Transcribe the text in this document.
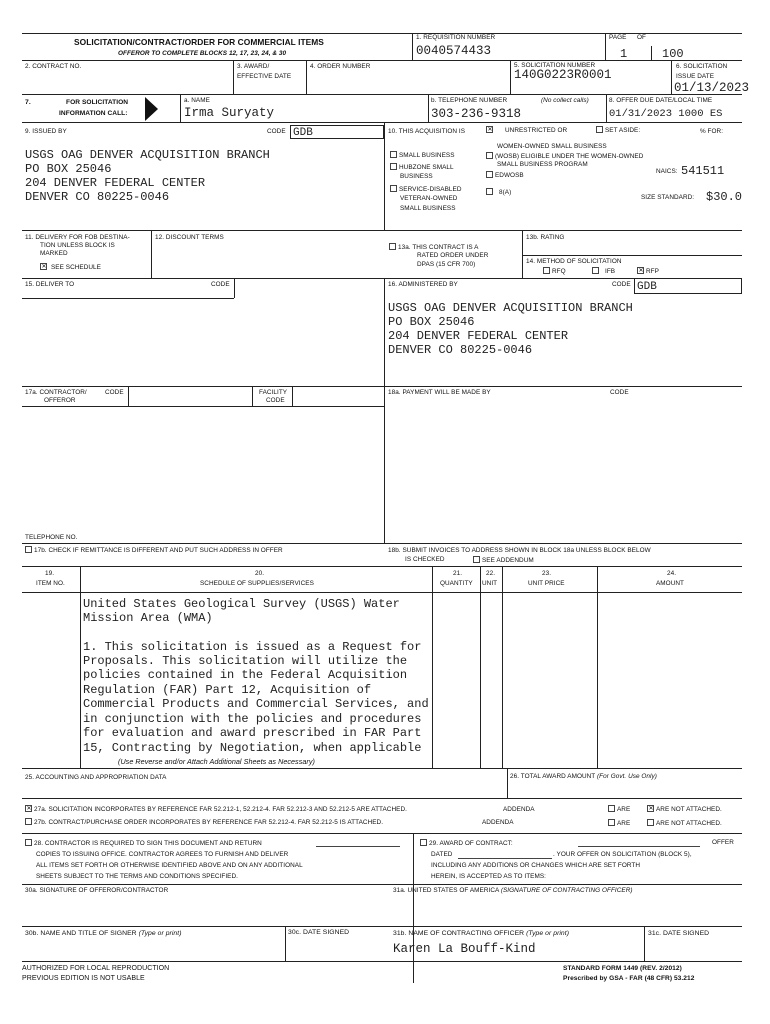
SOLICITATION/CONTRACT/ORDER FOR COMMERCIAL ITEMS
OFFEROR TO COMPLETE BLOCKS 12, 17, 23, 24, & 30
1. REQUISITION NUMBER
0040574433
PAGE OF
1	100
2. CONTRACT NO.	3. AWARD/
EFFECTIVE DATE
4. ORDER NUMBER	5. SOLICITATION NUMBER
140G0223R0001
6. SOLICITATION
ISSUE DATE
01/13/2023
7.	FOR SOLICITATION
INFORMATION CALL:
a. NAME
Irma Suryaty
b. TELEPHONE NUMBER	(No collect calls)
303-236-9318
8. OFFER DUE DATE/LOCAL TIME
01/31/2023 1000 ES
9. ISSUED BY	CODE GDB
USGS OAG DENVER ACQUISITION BRANCH
PO BOX 25046
204 DENVER FEDERAL CENTER
DENVER CO 80225-0046
10. THIS ACQUISITION IS ✕	UNRESTRICTED OR	SET ASIDE:	% FOR:
SMALL BUSINESS
WOMEN-OWNED SMALL BUSINESS
(WOSB) ELIGIBLE UNDER THE WOMEN-OWNED
SMALL BUSINESS PROGRAM
EDWOSB
HUBZONE SMALL
BUSINESS
SERVICE-DISABLED
VETERAN-OWNED
SMALL BUSINESS
8(A)
NAICS: 541511
SIZE STANDARD: $30.0
11. DELIVERY FOR FOB DESTINA-
TION UNLESS BLOCK IS
MARKED
✕SEE SCHEDULE
12. DISCOUNT TERMS
13a. THIS CONTRACT IS A
RATED ORDER UNDER
DPAS (15 CFR 700)
13b. RATING
14. METHOD OF SOLICITATION
RFQ	IFB ✕	RFP
15. DELIVER TO	CODE	16. ADMINISTERED BY	CODE GDB
USGS OAG DENVER ACQUISITION BRANCH
PO BOX 25046
204 DENVER FEDERAL CENTER
DENVER CO 80225-0046
17a. CONTRACTOR/
OFFEROR
CODE	FACILITY
CODE
18a. PAYMENT WILL BE MADE BY	CODE
TELEPHONE NO.
17b. CHECK IF REMITTANCE IS DIFFERENT AND PUT SUCH ADDRESS IN OFFER	18b. SUBMIT INVOICES TO ADDRESS SHOWN IN BLOCK 18a UNLESS BLOCK BELOW
IS CHECKED	SEE ADDENDUM
19.
ITEM NO.
20.
SCHEDULE OF SUPPLIES/SERVICES
21.
QUANTITY
22.
UNIT
23.
UNIT PRICE
24.
AMOUNT
United States Geological Survey (USGS) Water
Mission Area (WMA)
1. This solicitation is issued as a Request for
Proposals. This solicitation will utilize the
policies contained in the Federal Acquisition
Regulation (FAR) Part 12, Acquisition of
Commercial Products and Commercial Services, and
in conjunction with the policies and procedures
for evaluation and award prescribed in FAR Part
15, Contracting by Negotiation, when applicable
(Use Reverse and/or Attach Additional Sheets as Necessary)
25. ACCOUNTING AND APPROPRIATION DATA	26. TOTAL AWARD AMOUNT (For Govt. Use Only)
✕27a. SOLICITATION INCORPORATES BY REFERENCE FAR 52.212-1, 52.212-4. FAR 52.212-3 AND 52.212-5 ARE ATTACHED.	ADDENDA	ARE ✕	ARE NOT ATTACHED.
27b. CONTRACT/PURCHASE ORDER INCORPORATES BY REFERENCE FAR 52.212-4. FAR 52.212-5 IS ATTACHED.	ADDENDA	ARE	ARE NOT ATTACHED.
28. CONTRACTOR IS REQUIRED TO SIGN THIS DOCUMENT AND RETURN
COPIES TO ISSUING OFFICE. CONTRACTOR AGREES TO FURNISH AND DELIVER
ALL ITEMS SET FORTH OR OTHERWISE IDENTIFIED ABOVE AND ON ANY ADDITIONAL
SHEETS SUBJECT TO THE TERMS AND CONDITIONS SPECIFIED.
29. AWARD OF CONTRACT:	OFFER
DATED	. YOUR OFFER ON SOLICITATION (BLOCK 5),
INCLUDING ANY ADDITIONS OR CHANGES WHICH ARE SET FORTH
HEREIN, IS ACCEPTED AS TO ITEMS:
30a. SIGNATURE OF OFFEROR/CONTRACTOR	31a. UNITED STATES OF AMERICA (SIGNATURE OF CONTRACTING OFFICER)
30b. NAME AND TITLE OF SIGNER (Type or print)	30c. DATE SIGNED	31b. NAME OF CONTRACTING OFFICER (Type or print)
Karen La Bouff-Kind
31c. DATE SIGNED
AUTHORIZED FOR LOCAL REPRODUCTION
PREVIOUS EDITION IS NOT USABLE
STANDARD FORM 1449 (REV. 2/2012)
Prescribed by GSA - FAR (48 CFR) 53.212
